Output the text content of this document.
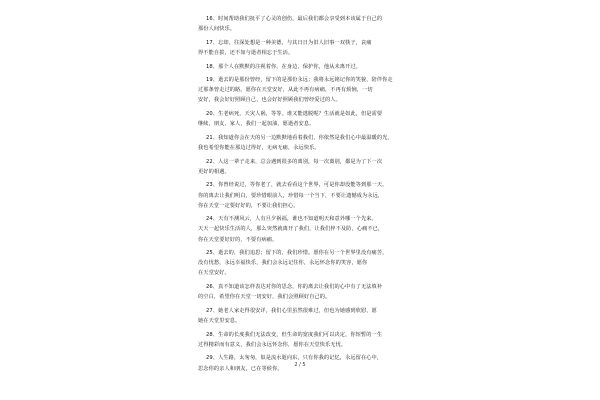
16、时间帮助我们抚平了心灵的创伤，最后我们都会享受到本该属于自己的
那份人间快乐。
17、忘却，往深处想是一种美德，与其日日为旧人旧事一双筷子，哀痛
得不能自拔，还不如与逝者相忘于生活。
18、那个人在默默的注视着你，在身边，保护你，他从未离开过。
19、逝去的是那份曾经，留下的是那份永远；我将永远铭记你的笑貌，陪伴你走
过那条曾走过的路。愿你在天堂安好，从此不再有病痛，不再有烦恼，一切
安好，我会好好照顾自己，也会好好照顾我们曾经爱过的人。
20、生老病死，天灾人祸，等等。谁又能逃脱呢？生活就是如此，但是需要
继续，朋友、家人，我们一起加油，愿逝者安息。
21、我知道你会在天的另一边默默地看着我们，你依然是我们心中最温暖的光，
我也希望你能在那边过得好，无病无痛，永远快乐。
22、人这一辈子走来，总会遇到很多的离别，每一次离别，都是为了下一次
更好的相遇。
23、你曾经说过，等你老了，就去看看这个世界，可是你却没能等到那一天。
你的离去让我们明白，要珍惜眼前人，珍惜每一个当下，不要让遗憾成为永远，
你在天堂一定要好好的，不要让我们担心。
24、天有不测风云，人有旦夕祸福，谁也不知道明天和意外哪一个先来。
天天一起快乐生活的人，那么突然就离开了我们，让我们猝不及防，心痛不已，
你在天堂要好好的，不要有病痛。
25、逝去的，我们追思；留下的，我们珍惜。愿你在另一个世界里没有痛苦，
没有忧愁，永远幸福快乐，我们会永远记住你，永远怀念你的笑容，愿你
在天堂安好。
26、真不知道该怎样表达对你的思念，你的离去让我们的心中有了无法填补
的空白，希望你在天堂一切安好，我们会照顾好自己的。
27、她老人家走得很安详，我们心里虽然很难过，但也为她感到欣慰，愿
她在天堂里安息。
28、生命的长度我们无法改变，但生命的宽度我们可以决定，你短暂的一生
过得精彩而有意义，我们会永远怀念你，愿你在天堂快乐无忧。
29、人生路，太匆匆，似是流水逝向东，只有你我的记忆，永远留在心中，
思念你的亲人和朋友，已在等候你。
2 / 5
